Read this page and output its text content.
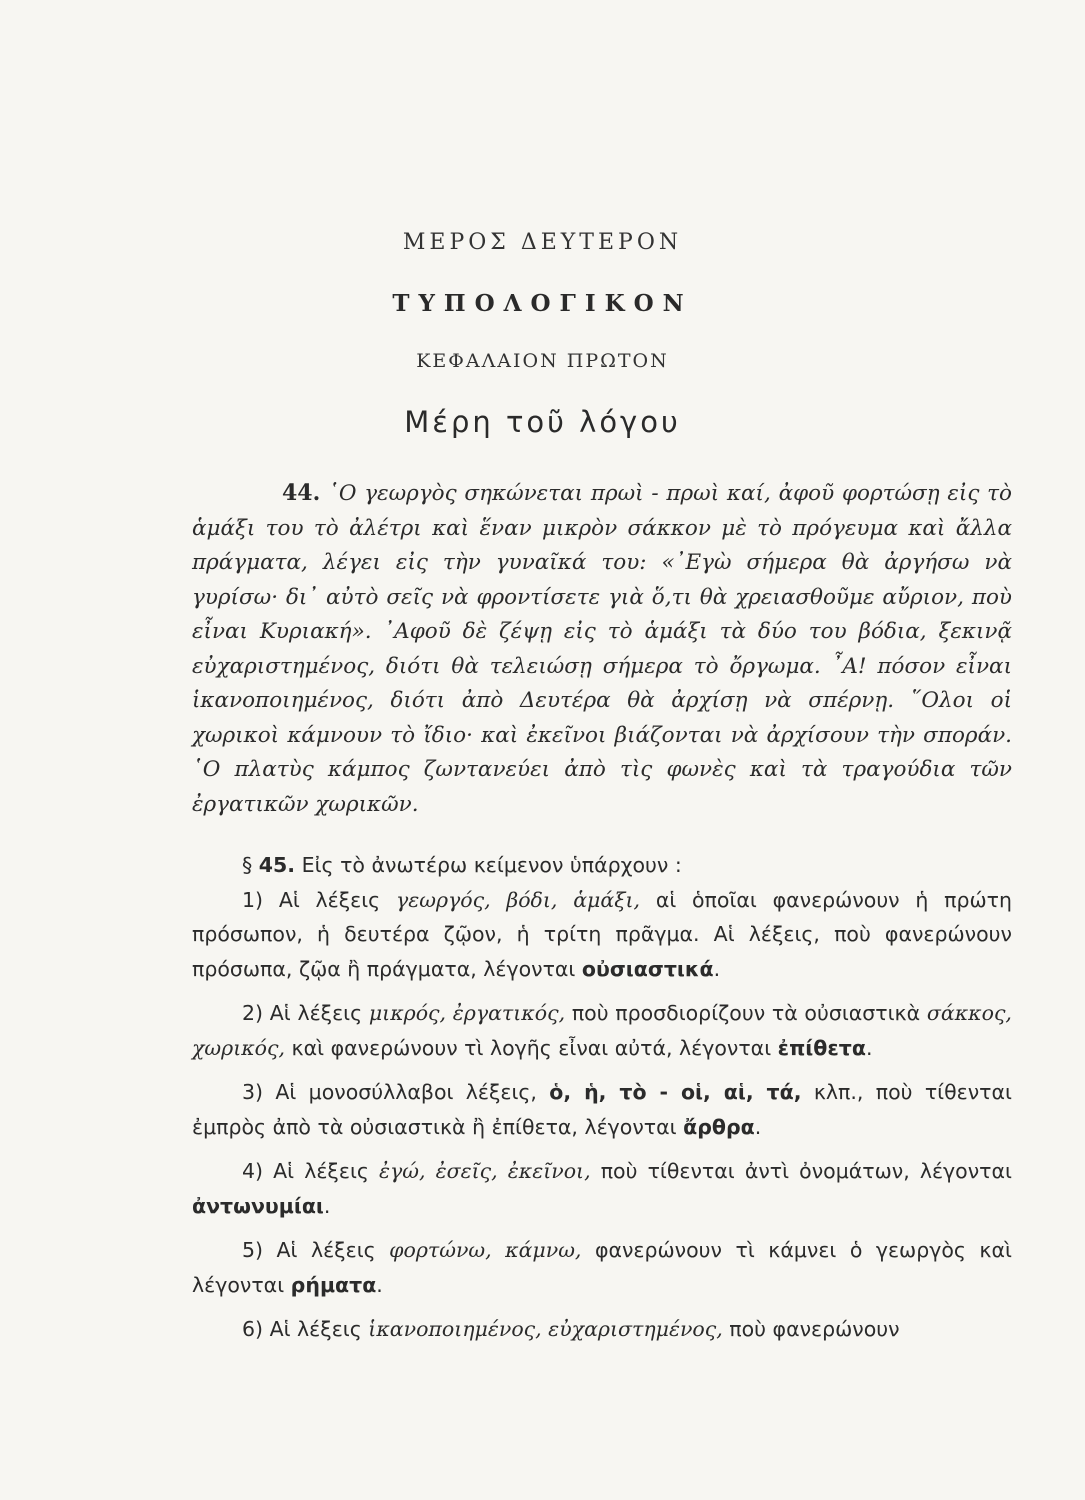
ΜΕΡΟΣ ΔΕΥΤΕΡΟΝ
ΤΥΠΟΛΟΓΙΚΟΝ
ΚΕΦΑΛΑΙΟΝ ΠΡΩΤΟΝ
Μέρη τοῦ λόγου
44. ῾Ο γεωργὸς σηκώνεται πρωὶ - πρωὶ καί, ἀφοῦ φορτώσῃ εἰς τὸ ἁμάξι του τὸ ἀλέτρι καὶ ἕναν μικρὸν σάκκον μὲ τὸ πρόγευμα καὶ ἄλλα πράγματα, λέγει εἰς τὴν γυναῖκά του: «᾿Εγὼ σήμερα θὰ ἀργήσω νὰ γυρίσω· δι᾿ αὐτὸ σεῖς νὰ φροντίσετε γιὰ ὅ,τι θὰ χρειασθοῦμε αὔριον, ποὺ εἶναι Κυριακή». ᾿Αφοῦ δὲ ζέψῃ εἰς τὸ ἁμάξι τὰ δύο του βόδια, ξεκινᾷ εὐχαριστημένος, διότι θὰ τελειώσῃ σήμερα τὸ ὄργωμα. ῏Α! πόσον εἶναι ἱκανοποιημένος, διότι ἀπὸ Δευτέρα θὰ ἀρχίσῃ νὰ σπέρνῃ. ῞Ολοι οἱ χωρικοὶ κάμνουν τὸ ἴδιο· καὶ ἐκεῖνοι βιάζονται νὰ ἀρχίσουν τὴν σποράν. ῾Ο πλατὺς κάμπος ζωντανεύει ἀπὸ τὶς φωνὲς καὶ τὰ τραγούδια τῶν ἐργατικῶν χωρικῶν.

§ 45. Εἰς τὸ ἀνωτέρω κείμενον ὑπάρχουν :

1) Αἱ λέξεις γεωργός, βόδι, ἁμάξι, αἱ ὁποῖαι φανερώνουν ἡ πρώτη πρόσωπον, ἡ δευτέρα ζῷον, ἡ τρίτη πρᾶγμα. Αἱ λέξεις, ποὺ φανερώνουν πρόσωπα, ζῷα ἢ πράγματα, λέγονται οὐσιαστικά.

2) Αἱ λέξεις μικρός, ἐργατικός, ποὺ προσδιορίζουν τὰ οὐσιαστικὰ σάκκος, χωρικός, καὶ φανερώνουν τὶ λογῆς εἶναι αὐτά, λέγονται ἐπίθετα.

3) Αἱ μονοσύλλαβοι λέξεις, ὁ, ἡ, τὸ - οἱ, αἱ, τά, κλπ., ποὺ τίθενται ἐμπρὸς ἀπὸ τὰ οὐσιαστικὰ ἢ ἐπίθετα, λέγονται ἄρθρα.

4) Αἱ λέξεις ἐγώ, ἐσεῖς, ἐκεῖνοι, ποὺ τίθενται ἀντὶ ὀνομάτων, λέγονται ἀντωνυμίαι.

5) Αἱ λέξεις φορτώνω, κάμνω, φανερώνουν τὶ κάμνει ὁ γεωργὸς καὶ λέγονται ρήματα.

6) Αἱ λέξεις ἱκανοποιημένος, εὐχαριστημένος, ποὺ φανερώνουν
